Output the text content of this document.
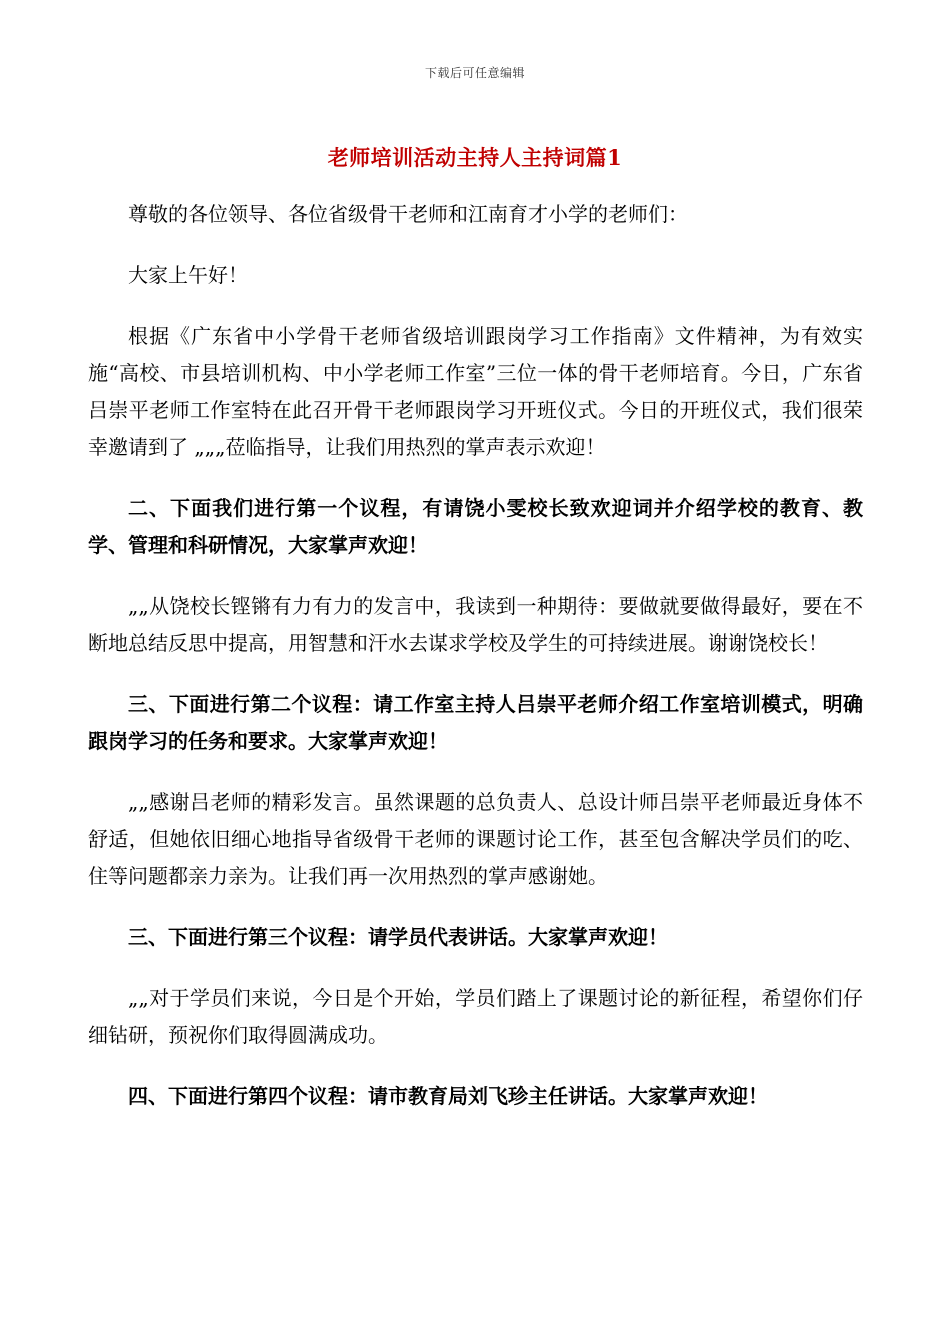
下载后可任意编辑
老师培训活动主持人主持词篇1

尊敬的各位领导、各位省级骨干老师和江南育才小学的老师们：

大家上午好！

根据《广东省中小学骨干老师省级培训跟岗学习工作指南》文件精神，为有效实施“高校、市县培训机构、中小学老师工作室”三位一体的骨干老师培育。今日，广东省吕崇平老师工作室特在此召开骨干老师跟岗学习开班仪式。今日的开班仪式，我们很荣幸邀请到了 „„„莅临指导，让我们用热烈的掌声表示欢迎！

二、下面我们进行第一个议程，有请饶小雯校长致欢迎词并介绍学校的教育、教学、管理和科研情况，大家掌声欢迎！

„„从饶校长铿锵有力有力的发言中，我读到一种期待：要做就要做得最好，要在不断地总结反思中提高，用智慧和汗水去谋求学校及学生的可持续进展。谢谢饶校长！

三、下面进行第二个议程：请工作室主持人吕崇平老师介绍工作室培训模式，明确跟岗学习的任务和要求。大家掌声欢迎！

„„感谢吕老师的精彩发言。虽然课题的总负责人、总设计师吕崇平老师最近身体不舒适，但她依旧细心地指导省级骨干老师的课题讨论工作，甚至包含解决学员们的吃、住等问题都亲力亲为。让我们再一次用热烈的掌声感谢她。

三、下面进行第三个议程：请学员代表讲话。大家掌声欢迎！

„„对于学员们来说，今日是个开始，学员们踏上了课题讨论的新征程，希望你们仔细钻研，预祝你们取得圆满成功。

四、下面进行第四个议程：请市教育局刘飞珍主任讲话。大家掌声欢迎！
